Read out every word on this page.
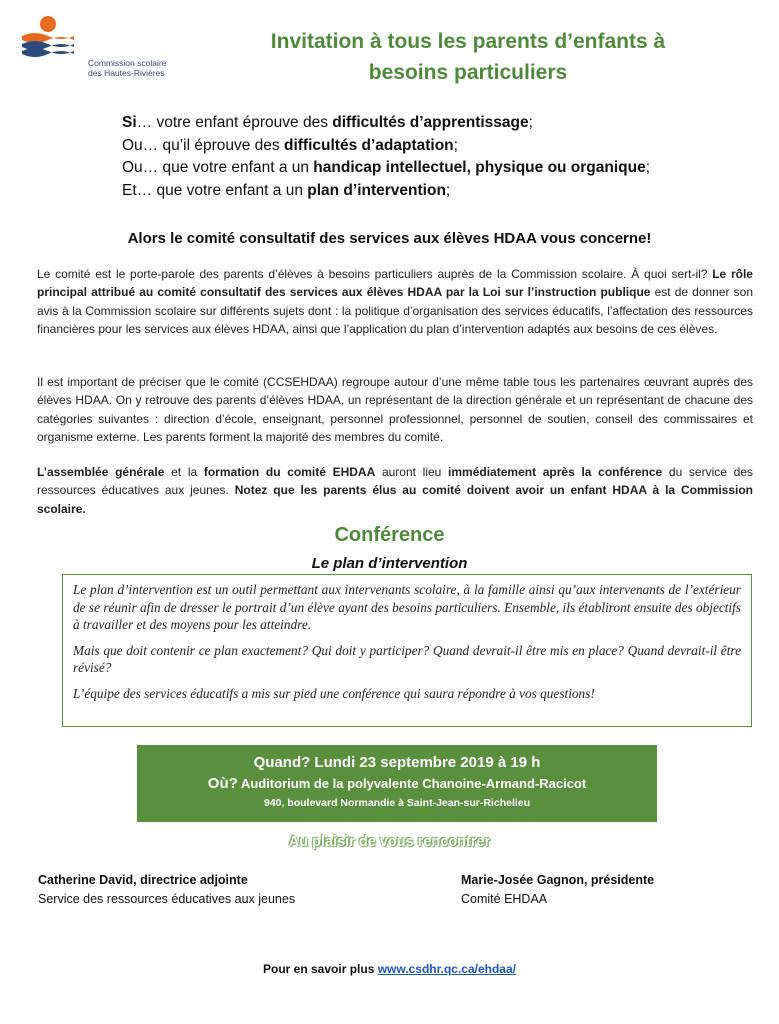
Commission scolaire
des Hautes-Rivières
Invitation à tous les parents d’enfants à
besoins particuliers
Si… votre enfant éprouve des difficultés d’apprentissage;
Ou… qu’il éprouve des difficultés d’adaptation;
Ou… que votre enfant a un handicap intellectuel, physique ou organique;
Et… que votre enfant a un plan d’intervention;
Alors le comité consultatif des services aux élèves HDAA vous concerne!
Le comité est le porte-parole des parents d’élèves à besoins particuliers auprès de la Commission scolaire. À quoi sert-il? Le rôle principal attribué au comité consultatif des services aux élèves HDAA par la Loi sur l’instruction publique est de donner son avis à la Commission scolaire sur différents sujets dont : la politique d’organisation des services éducatifs, l’affectation des ressources financières pour les services aux élèves HDAA, ainsi que l’application du plan d’intervention adaptés aux besoins de ces élèves.
Il est important de préciser que le comité (CCSEHDAA) regroupe autour d’une même table tous les partenaires œuvrant auprès des élèves HDAA. On y retrouve des parents d’élèves HDAA, un représentant de la direction générale et un représentant de chacune des catégories suivantes : direction d’école, enseignant, personnel professionnel, personnel de soutien, conseil des commissaires et organisme externe. Les parents forment la majorité des membres du comité.
L’assemblée générale et la formation du comité EHDAA auront lieu immédiatement après la conférence du service des ressources éducatives aux jeunes. Notez que les parents élus au comité doivent avoir un enfant HDAA à la Commission scolaire.
Conférence
Le plan d’intervention

Le plan d’intervention est un outil permettant aux intervenants scolaire, à la famille ainsi qu’aux intervenants de l’extérieur de se réunir afin de dresser le portrait d’un élève ayant des besoins particuliers. Ensemble, ils établiront ensuite des objectifs à travailler et des moyens pour les atteindre.

Mais que doit contenir ce plan exactement? Qui doit y participer? Quand devrait-il être mis en place? Quand devrait-il être révisé?

L’équipe des services éducatifs a mis sur pied une conférence qui saura répondre à vos questions!

Quand? Lundi 23 septembre 2019 à 19 h
Où? Auditorium de la polyvalente Chanoine-Armand-Racicot
940, boulevard Normandie à Saint-Jean-sur-Richelieu
Au plaisir de vous rencontrer
Catherine David, directrice adjointe
Service des ressources éducatives aux jeunes
Marie-Josée Gagnon, présidente
Comité EHDAA
Pour en savoir plus www.csdhr.qc.ca/ehdaa/
